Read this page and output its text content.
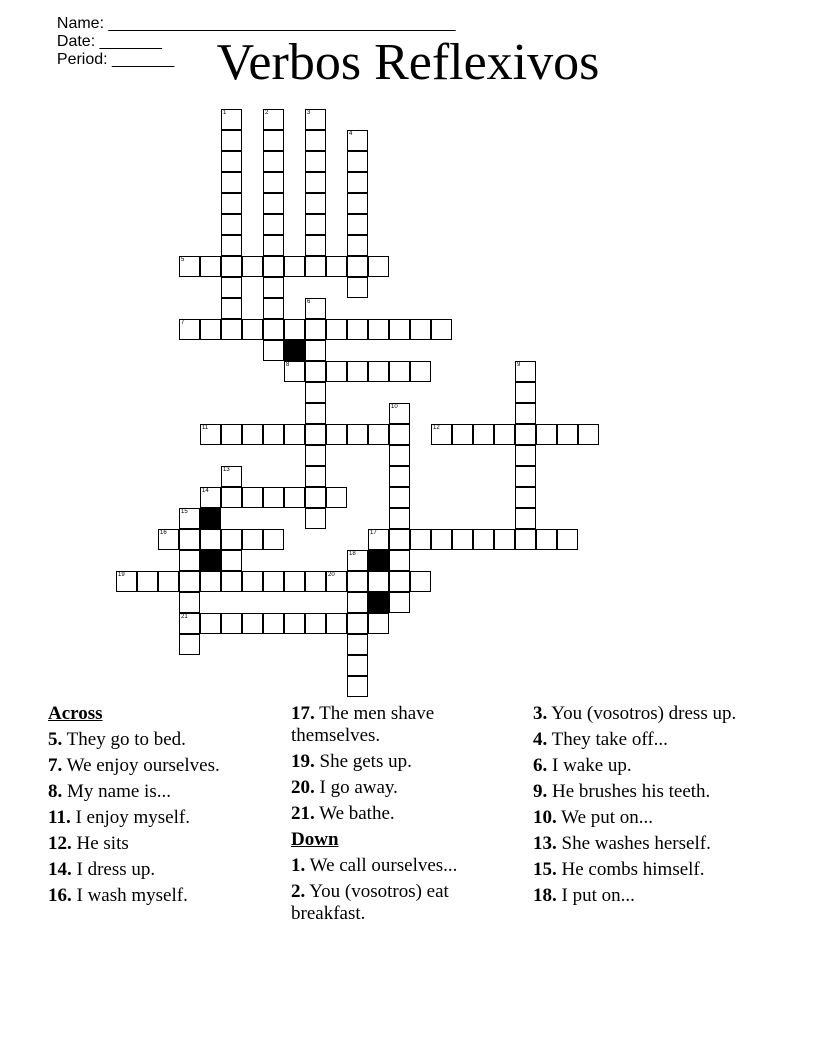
Name: _______________________________________
Date: _______
Period: _______ Verbos Reflexivos
1	2	3
4
5
6
7
8	9
10
11	12
13
14
15
16	17
18
19	20
21
Across
5. They go to bed.
7. We enjoy ourselves.
8. My name is...
11. I enjoy myself.
12. He sits
14. I dress up.
16. I wash myself.
17. The men shave themselves.
19. She gets up.
20. I go away.
21. We bathe.
Down
1. We call ourselves...
2. You (vosotros) eat breakfast.
3. You (vosotros) dress up.
4. They take off...
6. I wake up.
9. He brushes his teeth.
10. We put on...
13. She washes herself.
15. He combs himself.
18. I put on...
